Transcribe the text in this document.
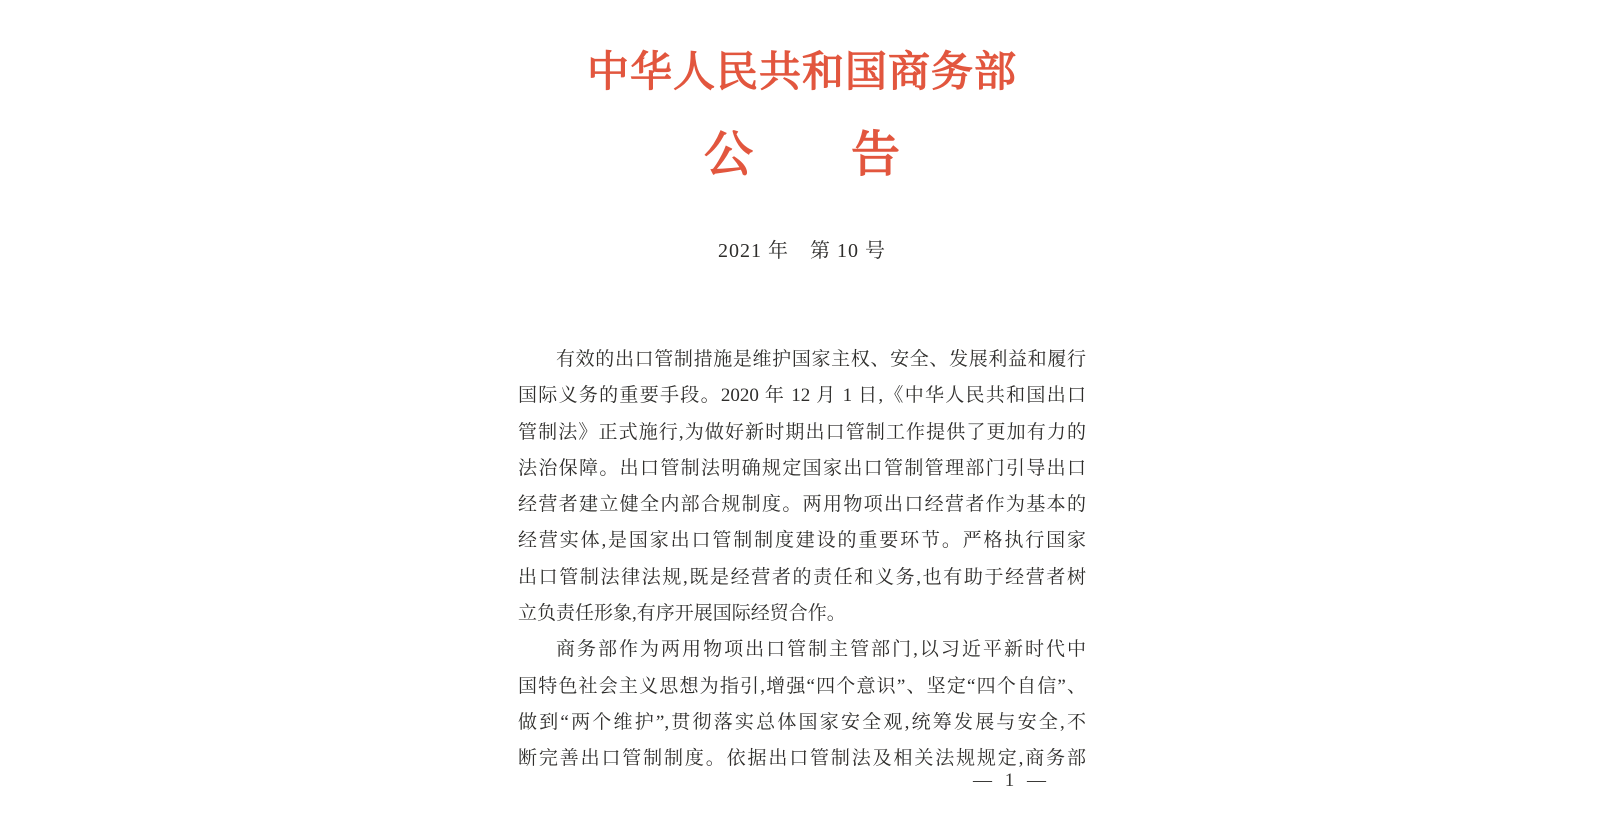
中华人民共和国商务部
公　　告
2021 年　第 10 号
有效的出口管制措施是维护国家主权、安全、发展利益和履行
国际义务的重要手段。2020 年 12 月 1 日,《中华人民共和国出口
管制法》正式施行,为做好新时期出口管制工作提供了更加有力的
法治保障。出口管制法明确规定国家出口管制管理部门引导出口
经营者建立健全内部合规制度。两用物项出口经营者作为基本的
经营实体,是国家出口管制制度建设的重要环节。严格执行国家
出口管制法律法规,既是经营者的责任和义务,也有助于经营者树
立负责任形象,有序开展国际经贸合作。
商务部作为两用物项出口管制主管部门,以习近平新时代中
国特色社会主义思想为指引,增强“四个意识”、坚定“四个自信”、
做到“两个维护”,贯彻落实总体国家安全观,统筹发展与安全,不
断完善出口管制制度。依据出口管制法及相关法规规定,商务部
— 1 —
